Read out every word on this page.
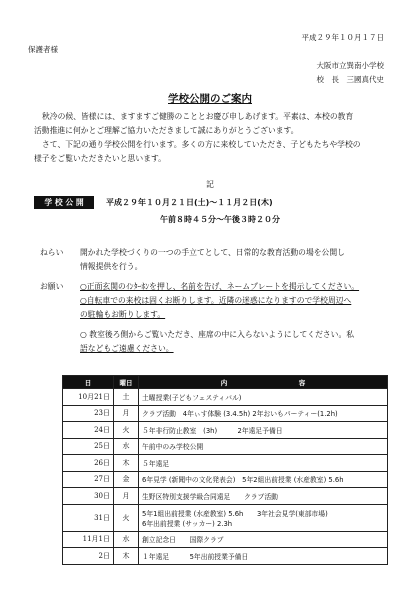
平成２９年１０月１７日
保護者様
大阪市立巽南小学校
校　長　三國真代史
学校公開のご案内
秋冷の候、皆様には、ますますご健勝のこととお慶び申しあげます。平素は、本校の教育
活動推進に何かとご理解ご協力いただきまして誠にありがとうございます。
さて、下記の通り学校公開を行います。多くの方に来校していただき、子どもたちや学校の
様子をご覧いただきたいと思います。
記
学 校 公 開	平成２９年１０月２１日(土)～１１月２日(木)
午前８時４５分～午後３時２０分
ねらい 開かれた学校づくりの一つの手立てとして、日常的な教育活動の場を公開し
情報提供を行う。
お願い ○正面玄関のｲﾝﾀｰﾎﾝを押し、名前を告げ、ネームプレートを掲示してください。
○自転車での来校は固くお断りします。近隣の迷惑になりますので学校周辺へ
の駐輪もお断りします。
○ 教室後ろ側からご覧いただき、座席の中に入らないようにしてください。私
語などもご遠慮ください。
日	曜日	内　　　　　　　　　　　容
10月21日	土	土曜授業(子どもフェスティバル)
23日	月	クラブ活動　4年ぃす体験 (3.4.5h) 2年おいもパーティー(1.2h)
24日	火	５年非行防止教室　(3h)　　　2年遠足予備日
25日	水	午前中のみ学校公開
26日	木	５年遠足
27日	金	6年見学 (新聞中の文化発表会)　5年2組出前授業 (水産教室) 5.6h
30日	月	生野区特別支援学級合同遠足　　クラブ活動
31日	火	5年1組出前授業 (水産教室) 5.6h　　3年社会見学(東部市場)
6年出前授業 (サッカー) 2.3h

11月1日	水	創立記念日　　国際クラブ
2日	木	１年遠足　　　5年出前授業予備日
